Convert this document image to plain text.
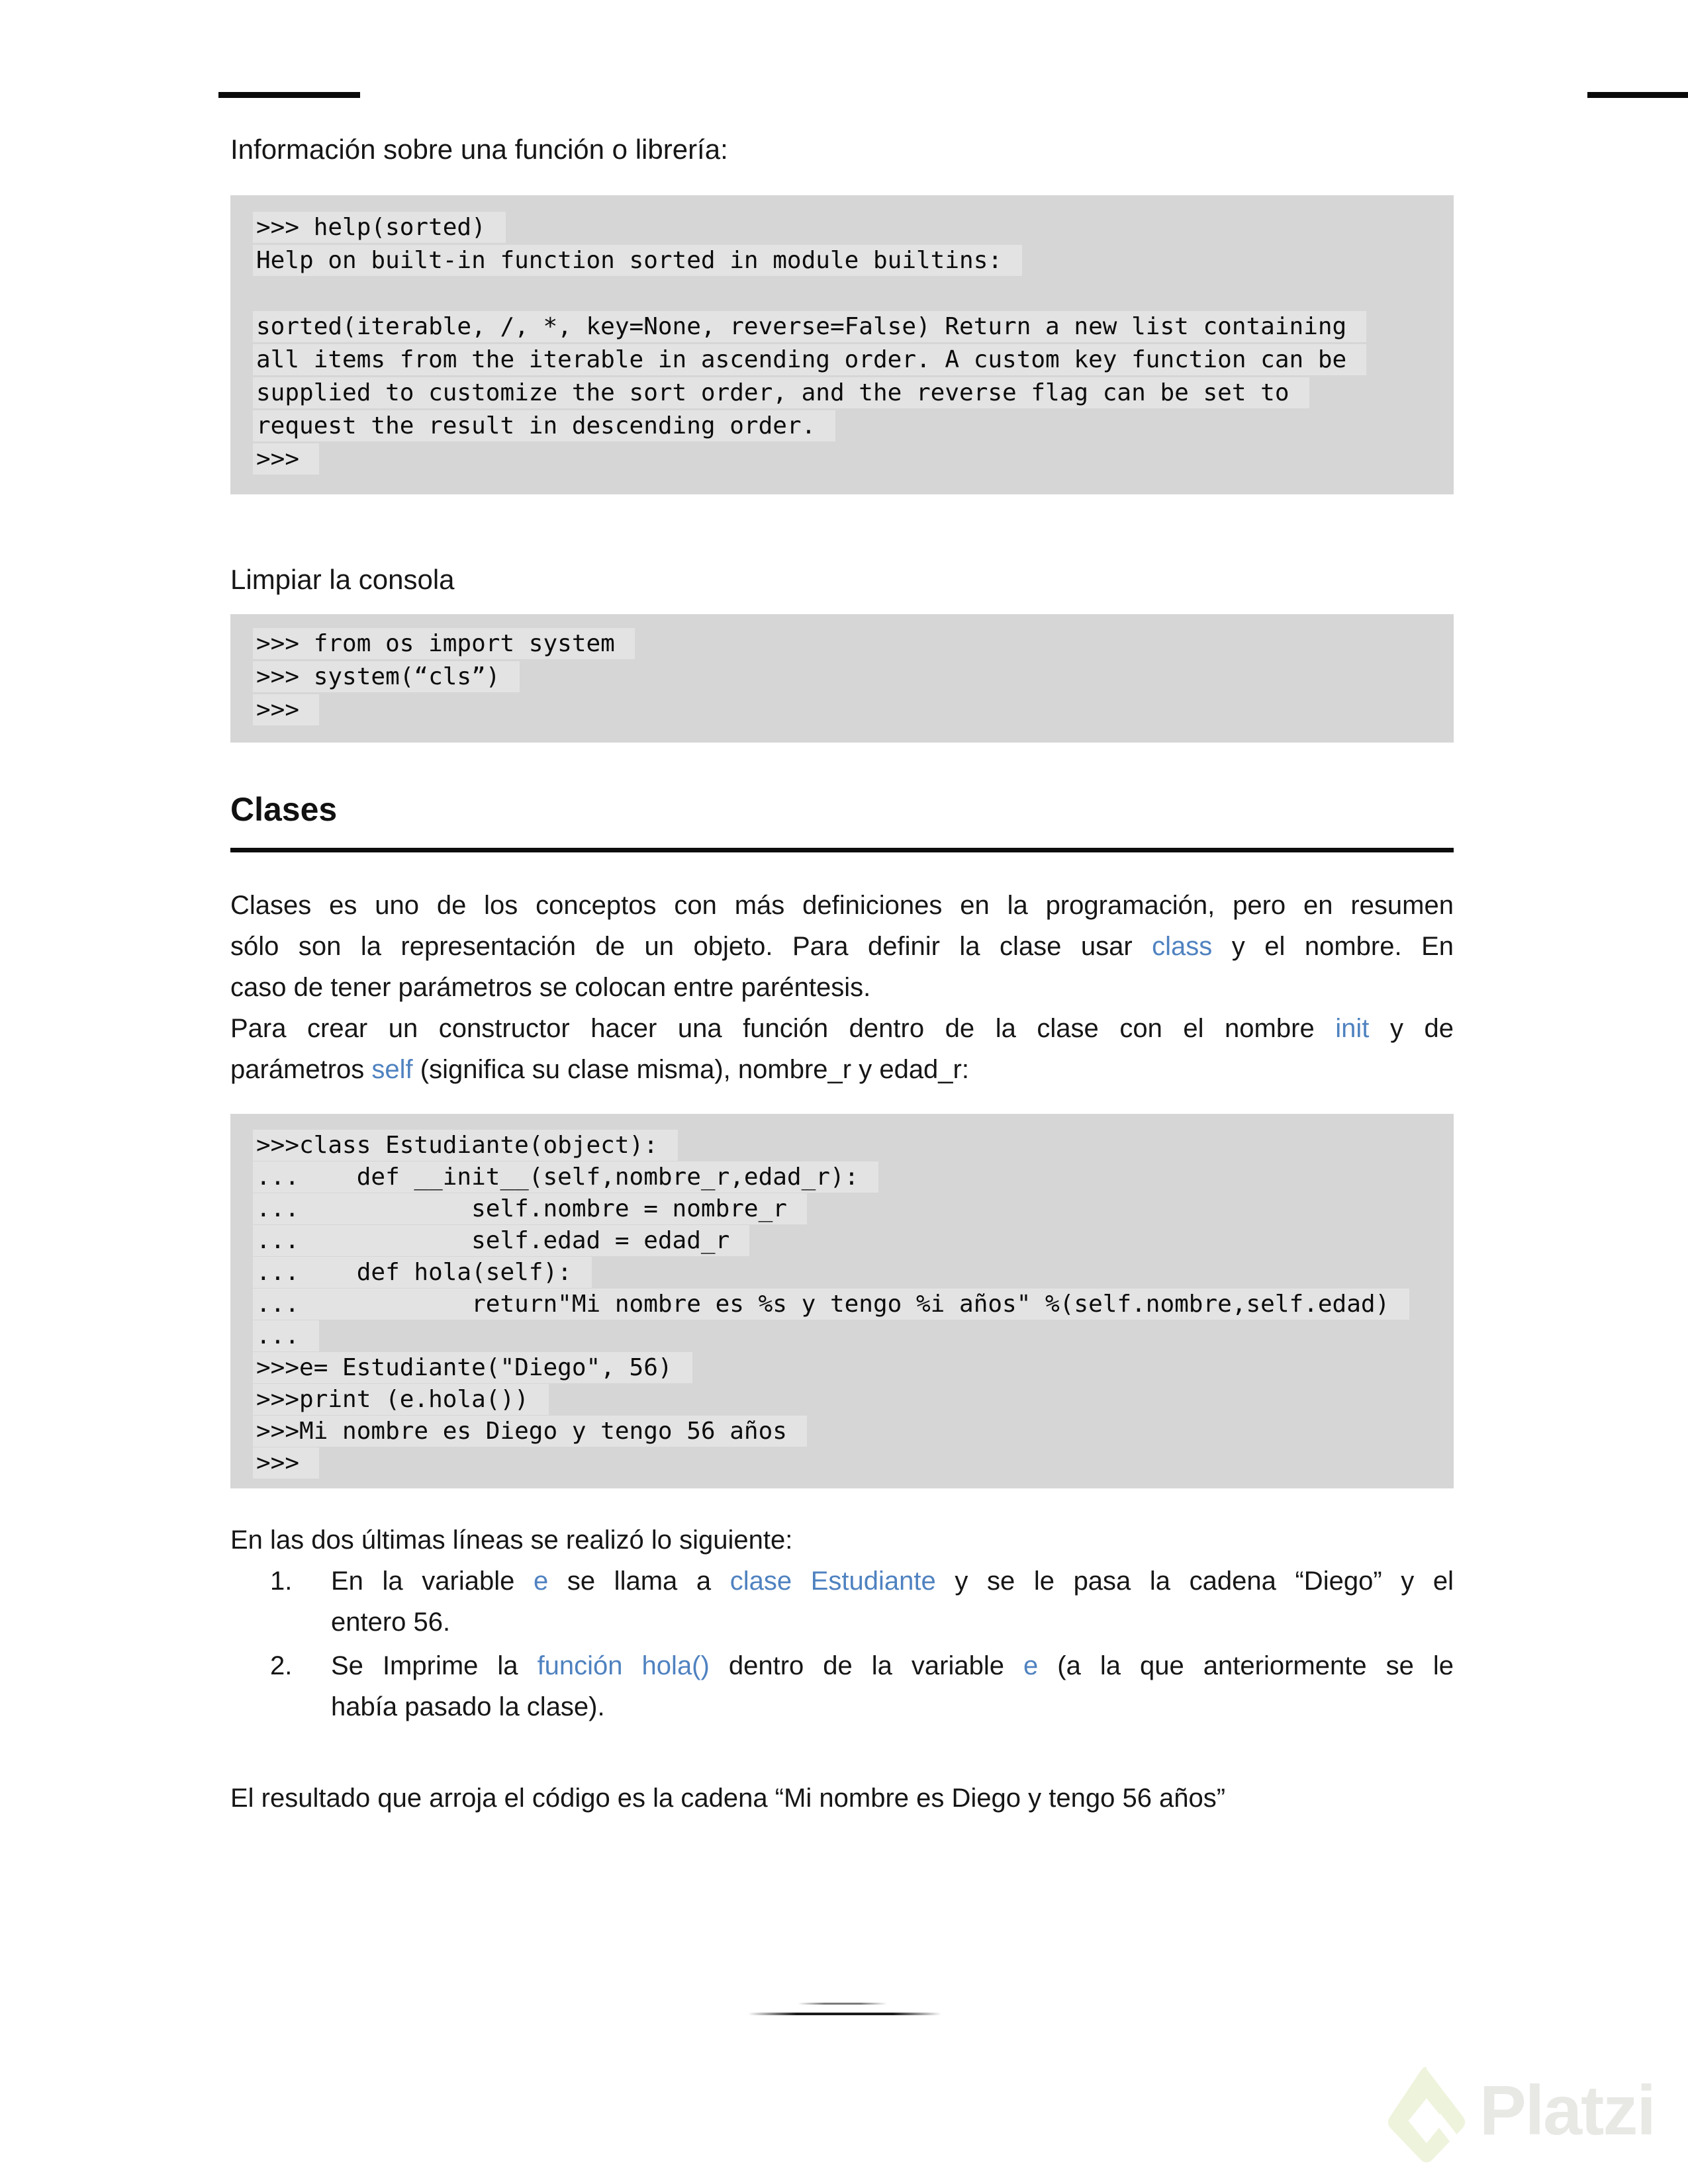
Información sobre una función o librería:
>>> help(sorted)
Help on built-in function sorted in module builtins:

sorted(iterable, /, *, key=None, reverse=False) Return a new list containing
all items from the iterable in ascending order. A custom key function can be
supplied to customize the sort order, and the reverse flag can be set to
request the result in descending order.
>>>
Limpiar la consola
>>> from os import system
>>> system(“cls”)
>>>
Clases
Clases es uno de los conceptos con más definiciones en la programación, pero en resumen
sólo son la representación de un objeto. Para definir la clase usar class y el nombre. En
caso de tener parámetros se colocan entre paréntesis.
Para crear un constructor hacer una función dentro de la clase con el nombre init y de
parámetros self (significa su clase misma), nombre_r y edad_r:
>>>class Estudiante(object):
...    def __init__(self,nombre_r,edad_r):
...            self.nombre = nombre_r
...            self.edad = edad_r
...    def hola(self):
...            return"Mi nombre es %s y tengo %i años" %(self.nombre,self.edad)
...
>>>e= Estudiante("Diego", 56)
>>>print (e.hola())
>>>Mi nombre es Diego y tengo 56 años
>>>
En las dos últimas líneas se realizó lo siguiente:
1.	En la variable e se llama a clase Estudiante y se le pasa la cadena “Diego” y el
entero 56.
2.	Se Imprime la función hola() dentro de la variable e (a la que anteriormente se le
había pasado la clase).
El resultado que arroja el código es la cadena “Mi nombre es Diego y tengo 56 años”
Platzi
